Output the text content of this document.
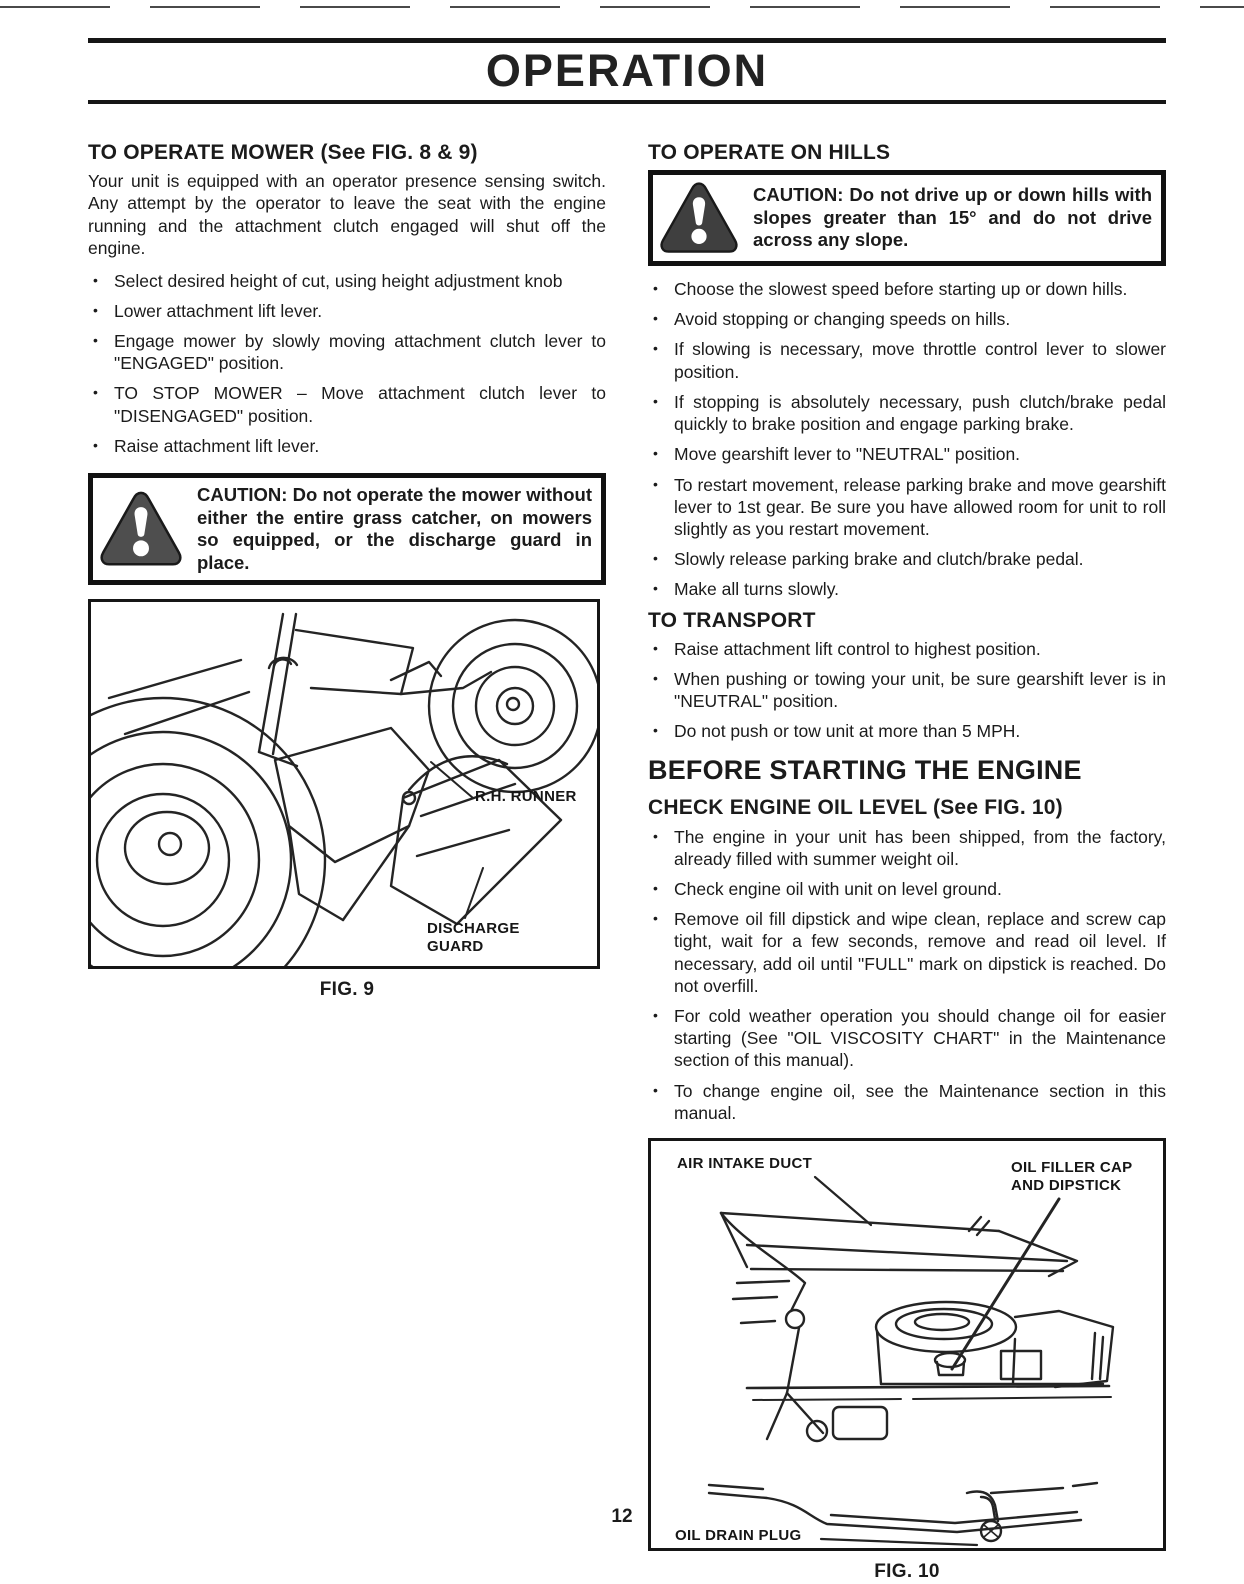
OPERATION
TO OPERATE MOWER (See FIG. 8 & 9)

Your unit is equipped with an operator presence sensing switch. Any attempt by the operator to leave the seat with the engine running and the attachment clutch engaged will shut off the engine.

• Select desired height of cut, using height adjustment knob
• Lower attachment lift lever.
• Engage mower by slowly moving attachment clutch lever to "ENGAGED" position.
• TO STOP MOWER – Move attachment clutch lever to "DISENGAGED" position.
• Raise attachment lift lever.
CAUTION: Do not operate the mower without either the entire grass catcher, on mowers so equipped, or the discharge guard in place.
R.H. RUNNER
DISCHARGE
GUARD
FIG. 9
TO OPERATE ON HILLS
CAUTION: Do not drive up or down hills with slopes greater than 15° and do not drive across any slope.
• Choose the slowest speed before starting up or down hills.
• Avoid stopping or changing speeds on hills.
• If slowing is necessary, move throttle control lever to slower position.
• If stopping is absolutely necessary, push clutch/brake pedal quickly to brake position and engage parking brake.
• Move gearshift lever to "NEUTRAL" position.
• To restart movement, release parking brake and move gearshift lever to 1st gear. Be sure you have allowed room for unit to roll slightly as you restart movement.
• Slowly release parking brake and clutch/brake pedal.
• Make all turns slowly.
TO TRANSPORT
• Raise attachment lift control to highest position.
• When pushing or towing your unit, be sure gearshift lever is in "NEUTRAL" position.
• Do not push or tow unit at more than 5 MPH.
BEFORE STARTING THE ENGINE
CHECK ENGINE OIL LEVEL (See FIG. 10)
• The engine in your unit has been shipped, from the factory, already filled with summer weight oil.
• Check engine oil with unit on level ground.
• Remove oil fill dipstick and wipe clean, replace and screw cap tight, wait for a few seconds, remove and read oil level. If necessary, add oil until "FULL" mark on dipstick is reached. Do not overfill.
• For cold weather operation you should change oil for easier starting (See "OIL VISCOSITY CHART" in the Maintenance section of this manual).
• To change engine oil, see the Maintenance section in this manual.
AIR INTAKE DUCT	OIL FILLER CAP
AND DIPSTICK
OIL DRAIN PLUG
FIG. 10
12
